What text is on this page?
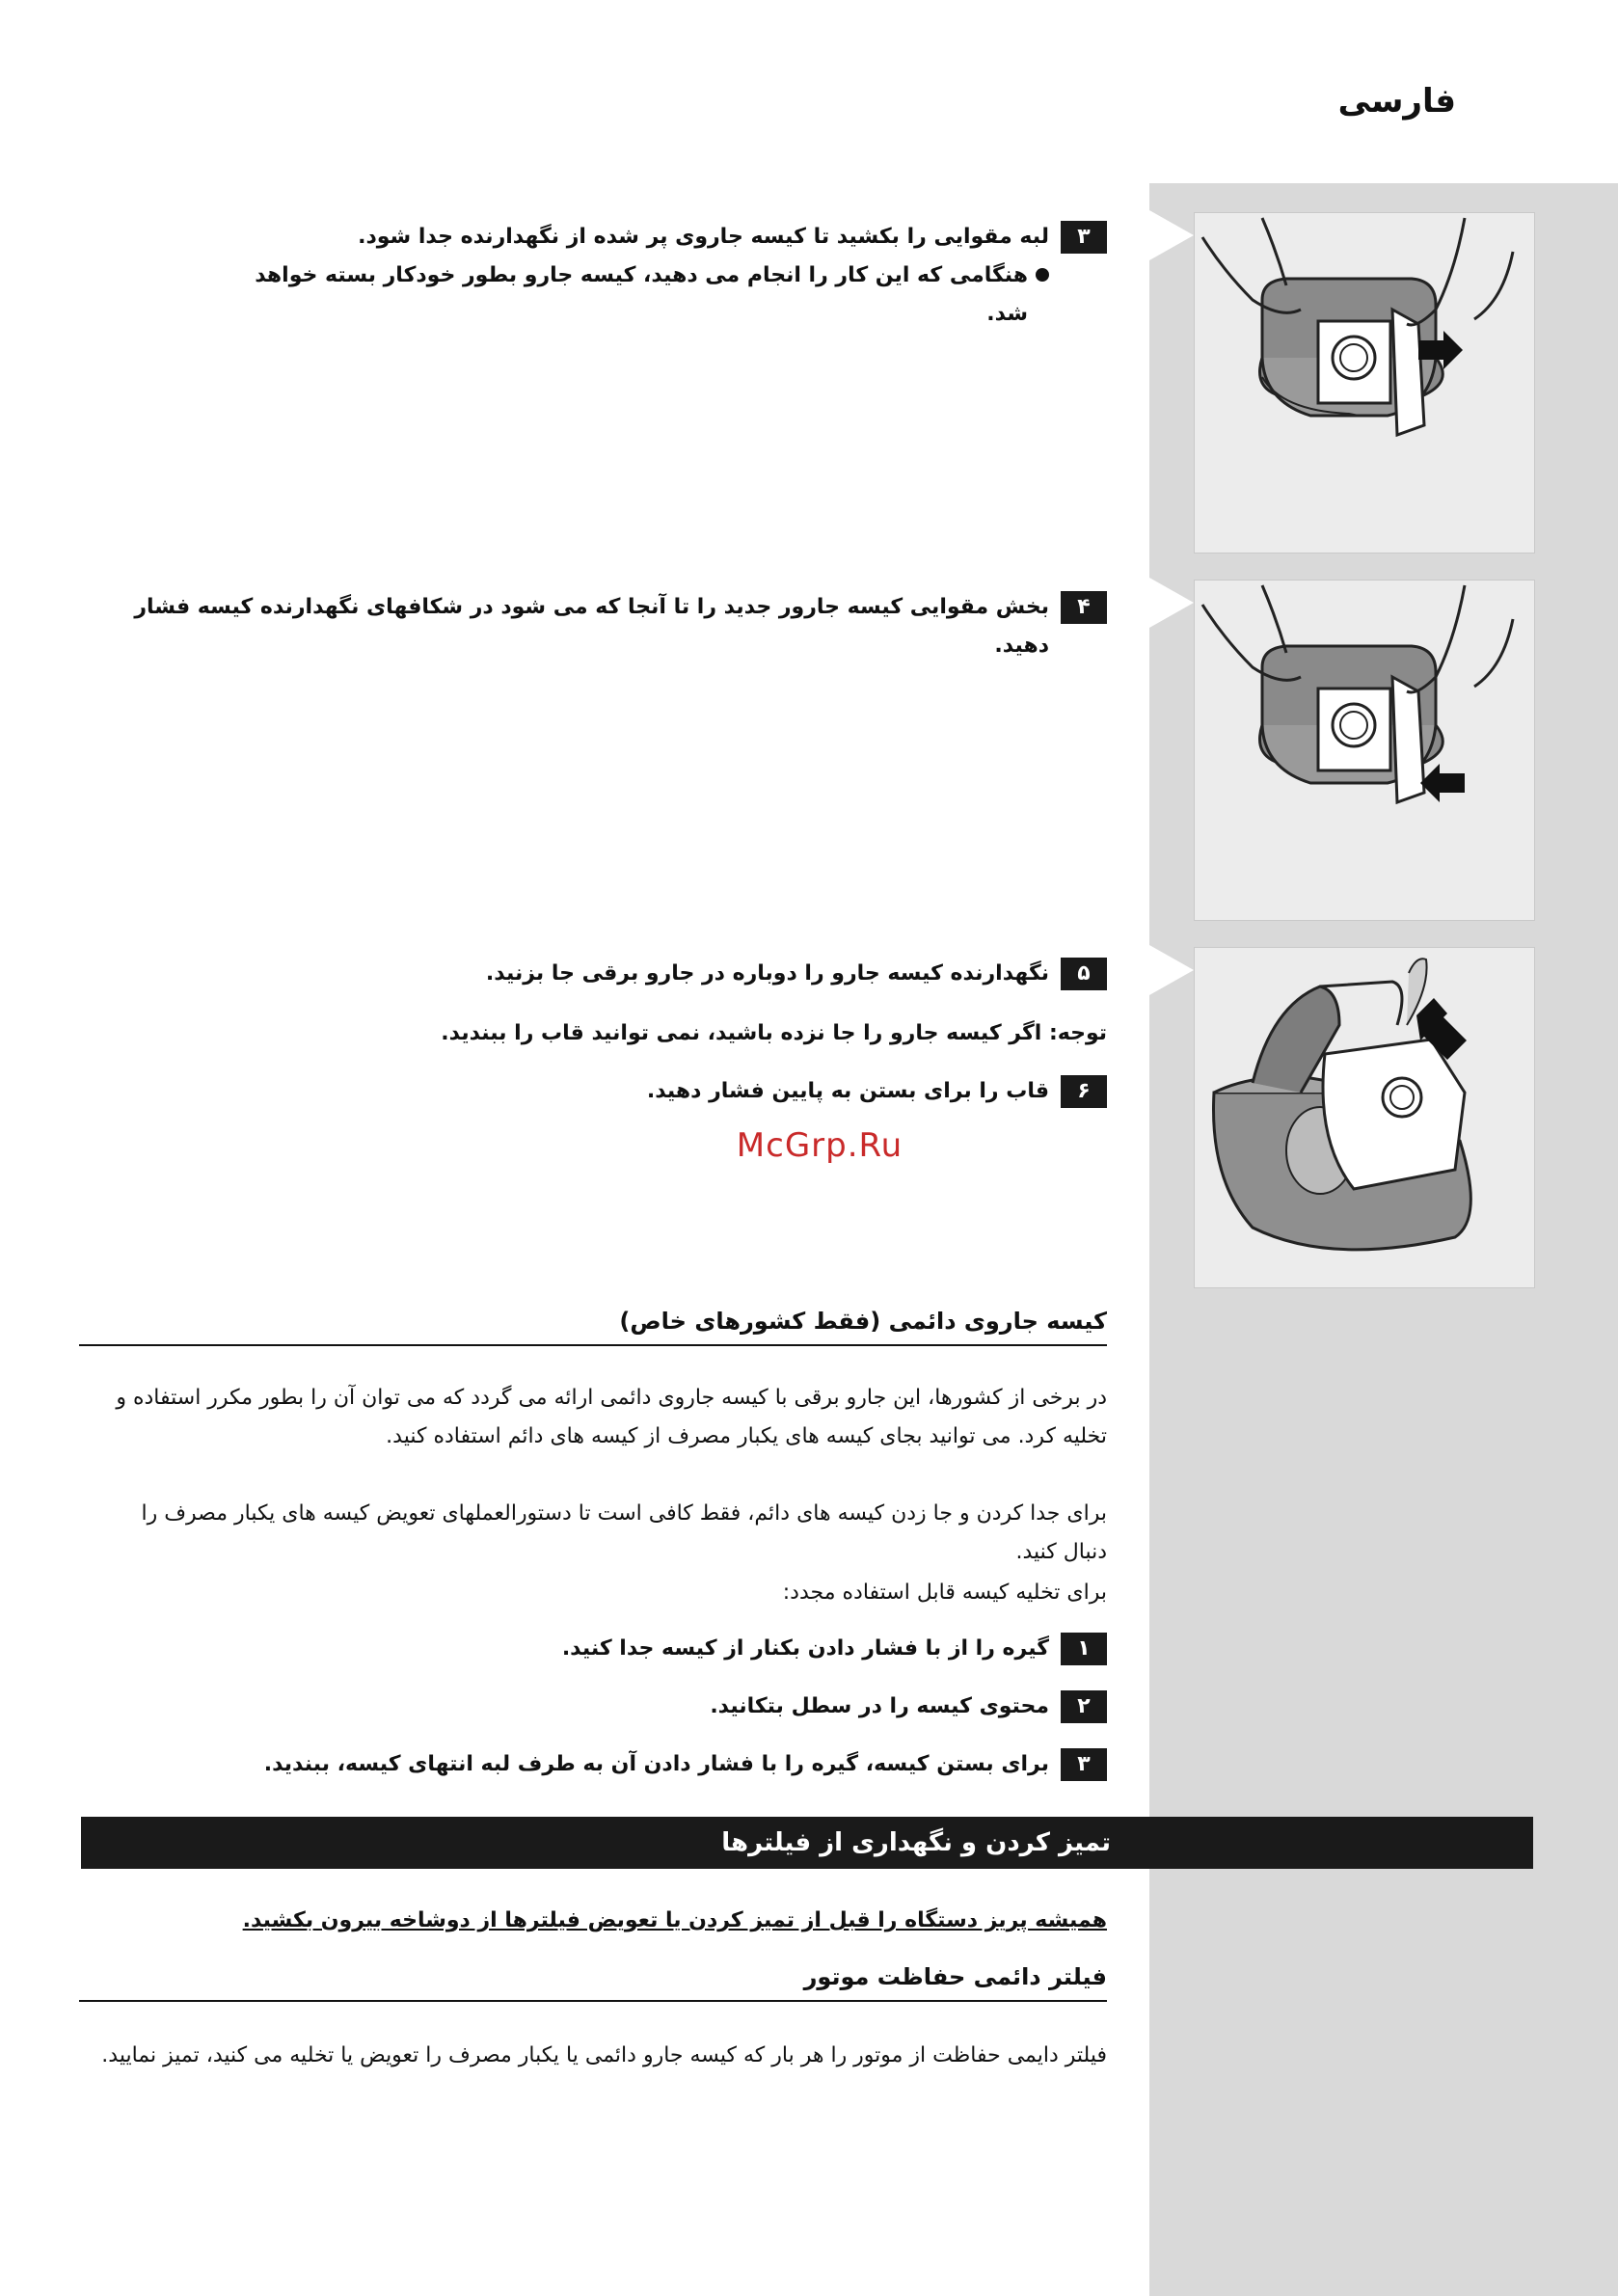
فارسی
۳
لبه مقوایی را بکشید تا کیسه جاروی پر شده از نگهدارنده جدا شود.
هنگامی که این کار را انجام می دهید، کیسه جارو بطور خودکار بسته خواهد شد.
۴
بخش مقوایی کیسه جارور جدید را تا آنجا که می شود در شکافهای نگهدارنده کیسه فشار دهید.
۵
نگهدارنده کیسه جارو را دوباره در جارو برقی جا بزنید.
توجه: اگر کیسه جارو را جا نزده باشید، نمی توانید قاب را ببندید.
۶
قاب را برای بستن به پایین فشار دهید.
McGrp.Ru
کیسه جاروی دائمی (فقط کشورهای خاص)
در برخی از کشورها، این جارو برقی با کیسه جاروی دائمی ارائه می گردد که می توان آن را بطور مکرر استفاده و تخلیه کرد. می توانید بجای کیسه های یکبار مصرف از کیسه های دائم استفاده کنید.
برای جدا کردن و جا زدن کیسه های دائم، فقط کافی است تا دستورالعملهای تعویض کیسه های یکبار مصرف را دنبال کنید.
برای تخلیه کیسه قابل استفاده مجدد:
۱
گیره را از با فشار دادن بکنار از کیسه جدا کنید.
۲
محتوی کیسه را در سطل بتکانید.
۳
برای بستن کیسه، گیره را با فشار دادن آن به طرف لبه انتهای کیسه، ببندید.
تمیز کردن و نگهداری از فیلترها
همیشه پریز دستگاه را قبل از تمیز کردن یا تعویض فیلترها از دوشاخه بیرون بکشید.
فیلتر دائمی حفاظت موتور
فیلتر دایمی حفاظت از موتور را هر بار که کیسه جارو دائمی یا یکبار مصرف را تعویض یا تخلیه می کنید، تمیز نمایید.
